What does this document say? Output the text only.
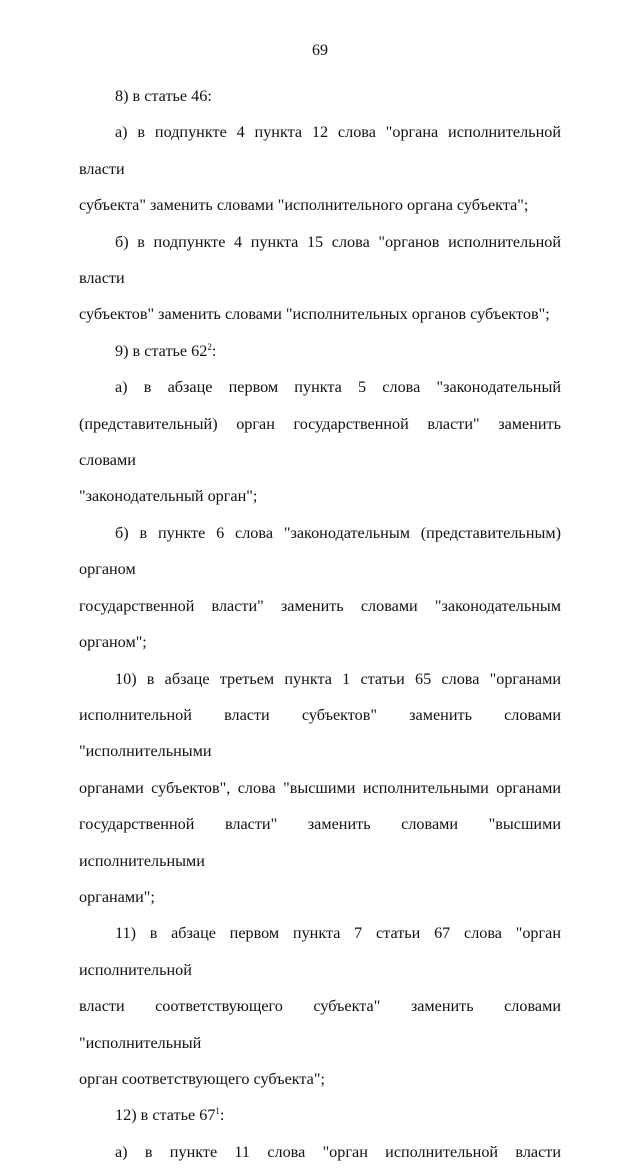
69

8) в статье 46:

а) в подпункте 4 пункта 12 слова "органа исполнительной власти

субъекта" заменить словами "исполнительного органа субъекта";

б) в подпункте 4 пункта 15 слова "органов исполнительной власти

субъектов" заменить словами "исполнительных органов субъектов";

9) в статье $62^2$:

а) в абзаце первом пункта 5 слова "законодательный

(представительный) орган государственной власти" заменить словами

"законодательный орган";

б) в пункте 6 слова "законодательным (представительным) органом

государственной власти" заменить словами "законодательным органом";

10) в абзаце третьем пункта 1 статьи 65 слова "органами

исполнительной власти субъектов" заменить словами "исполнительными

органами субъектов", слова "высшими исполнительными органами

государственной власти" заменить словами "высшими исполнительными

органами";

11) в абзаце первом пункта 7 статьи 67 слова "орган исполнительной

власти соответствующего субъекта" заменить словами "исполнительный

орган соответствующего субъекта";

12) в статье $67^1$:

а) в пункте 11 слова "орган исполнительной власти
